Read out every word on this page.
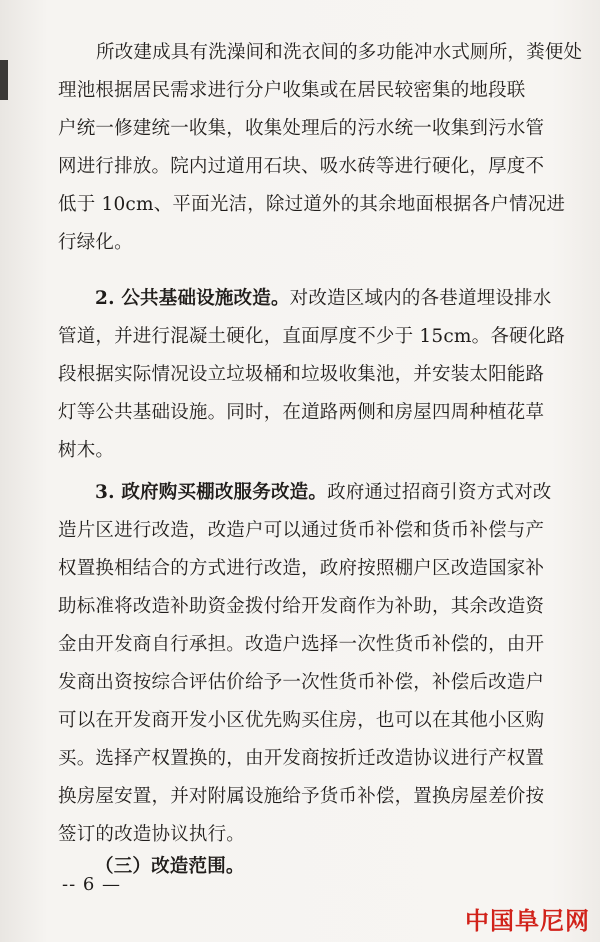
所改建成具有洗澡间和洗衣间的多功能冲水式厕所，粪便处
理池根据居民需求进行分户收集或在居民较密集的地段联
户统一修建统一收集，收集处理后的污水统一收集到污水管
网进行排放。院内过道用石块、吸水砖等进行硬化，厚度不
低于 10cm、平面光洁，除过道外的其余地面根据各户情况进
行绿化。
2. 公共基础设施改造。对改造区域内的各巷道埋设排水
管道，并进行混凝土硬化，直面厚度不少于 15cm。各硬化路
段根据实际情况设立垃圾桶和垃圾收集池，并安装太阳能路
灯等公共基础设施。同时，在道路两侧和房屋四周种植花草
树木。
3. 政府购买棚改服务改造。政府通过招商引资方式对改
造片区进行改造，改造户可以通过货币补偿和货币补偿与产
权置换相结合的方式进行改造，政府按照棚户区改造国家补
助标准将改造补助资金拨付给开发商作为补助，其余改造资
金由开发商自行承担。改造户选择一次性货币补偿的，由开
发商出资按综合评估价给予一次性货币补偿，补偿后改造户
可以在开发商开发小区优先购买住房，也可以在其他小区购
买。选择产权置换的，由开发商按折迁改造协议进行产权置
换房屋安置，并对附属设施给予货币补偿，置换房屋差价按
签订的改造协议执行。
（三）改造范围。
-- 6 —
中国阜尼网
